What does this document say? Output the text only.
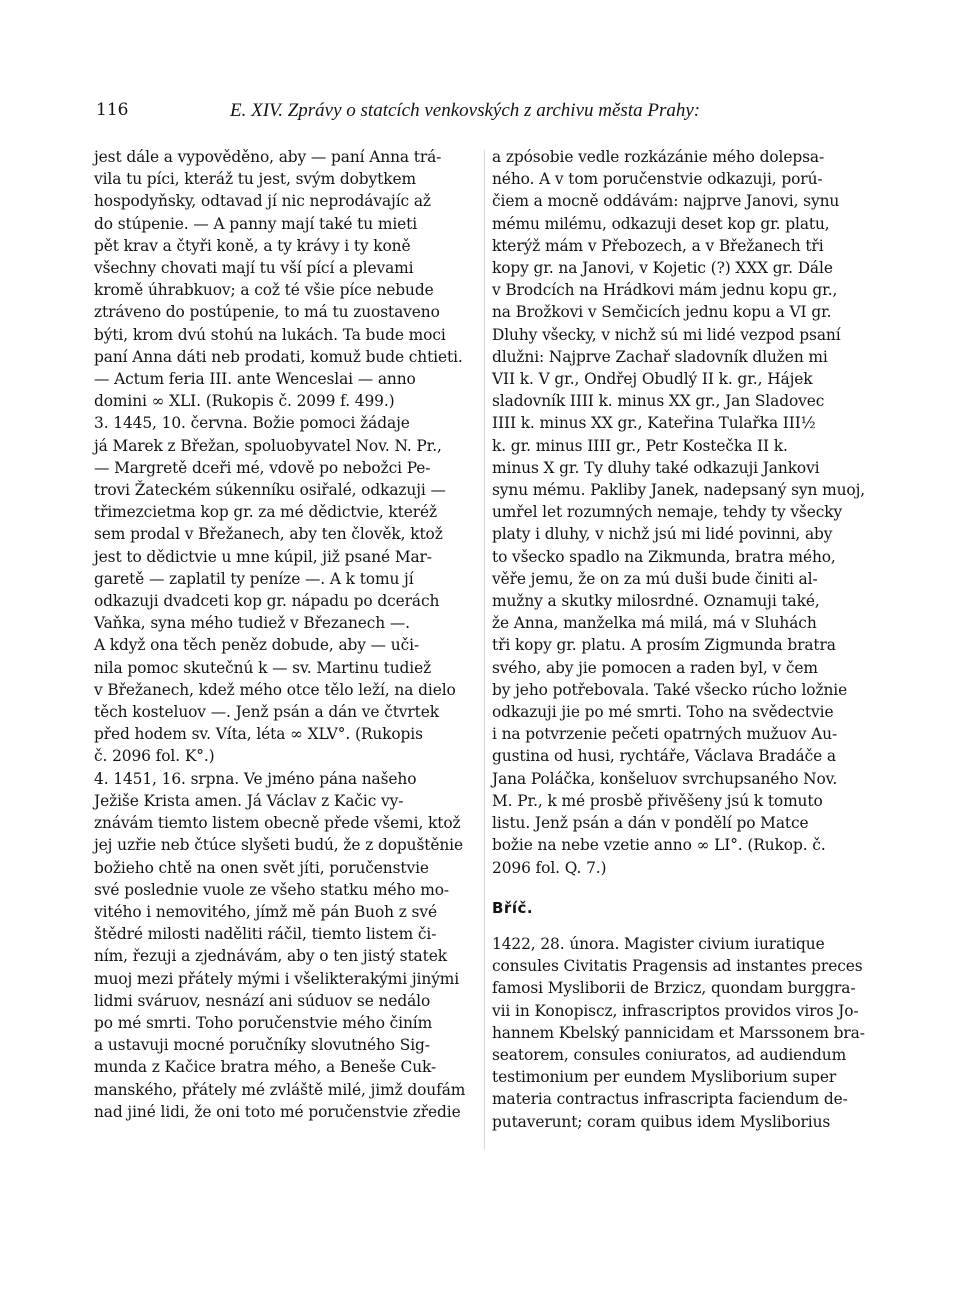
116	E. XIV. Zprávy o statcích venkovských z archivu města Prahy:
jest dále a vypověděno, aby — paní Anna trá-
vila tu píci, kteráž tu jest, svým dobytkem
hospodyňsky, odtavad jí nic neprodávajíc až
do stúpenie. — A panny mají také tu mieti
pět krav a čtyři koně, a ty krávy i ty koně
všechny chovati mají tu vší pící a plevami
kromě úhrabkuov; a což té všie píce nebude
ztráveno do postúpenie, to má tu zuostaveno
býti, krom dvú stohú na lukách. Ta bude moci
paní Anna dáti neb prodati, komuž bude chtieti.
— Actum feria III. ante Wenceslai — anno
domini ∞ XLI. (Rukopis č. 2099 f. 499.)
3. 1445, 10. června. Božie pomoci žádaje
já Marek z Břežan, spoluobyvatel Nov. N. Pr.,
— Margretě dceři mé, vdově po nebožci Pe-
trovi Žateckém súkenníku osiřalé, odkazuji —
třimezcietma kop gr. za mé dědictvie, kteréž
sem prodal v Břežanech, aby ten člověk, ktož
jest to dědictvie u mne kúpil, již psané Mar-
garetě — zaplatil ty peníze —. A k tomu jí
odkazuji dvadceti kop gr. nápadu po dcerách
Vaňka, syna mého tudiež v Březanech —.
A když ona těch peněz dobude, aby — uči-
nila pomoc skutečnú k — sv. Martinu tudiež
v Břežanech, kdež mého otce tělo leží, na dielo
těch kosteluov —. Jenž psán a dán ve čtvrtek
před hodem sv. Víta, léta ∞ XLV°. (Rukopis
č. 2096 fol. K°.)
4. 1451, 16. srpna. Ve jméno pána našeho
Ježiše Krista amen. Já Václav z Kačic vy-
znávám tiemto listem obecně přede všemi, ktož
jej uzřie neb čtúce slyšeti budú, že z dopuštěnie
božieho chtě na onen svět jíti, poručenstvie
své poslednie vuole ze všeho statku mého mo-
vitého i nemovitého, jímž mě pán Buoh z své
štědré milosti naděliti ráčil, tiemto listem či-
ním, řezuji a zjednávám, aby o ten jistý statek
muoj mezi přátely mými i všelikterakými jinými
lidmi sváruov, nesnází ani súduov se nedálo
po mé smrti. Toho poručenstvie mého činím
a ustavuji mocné poručníky slovutného Sig-
munda z Kačice bratra mého, a Beneše Cuk-
manského, přátely mé zvláště milé, jimž doufám
nad jiné lidi, že oni toto mé poručenstvie zředie
a zpósobie vedle rozkázánie mého dolepsa-
ného. A v tom poručenstvie odkazuji, porú-
čiem a mocně oddávám: najprve Janovi, synu
mému milému, odkazuji deset kop gr. platu,
kterýž mám v Přebozech, a v Břežanech tři
kopy gr. na Janovi, v Kojetic (?) XXX gr. Dále
v Brodcích na Hrádkovi mám jednu kopu gr.,
na Brožkovi v Semčicích jednu kopu a VI gr.
Dluhy všecky, v nichž sú mi lidé vezpod psaní
dlužni: Najprve Zachař sladovník dlužen mi
VII k. V gr., Ondřej Obudlý II k. gr., Hájek
sladovník IIII k. minus XX gr., Jan Sladovec
IIII k. minus XX gr., Kateřina Tulařka III½
k. gr. minus IIII gr., Petr Kostečka II k.
minus X gr. Ty dluhy také odkazuji Jankovi
synu mému. Pakliby Janek, nadepsaný syn muoj,
umřel let rozumných nemaje, tehdy ty všecky
platy i dluhy, v nichž jsú mi lidé povinni, aby
to všecko spadlo na Zikmunda, bratra mého,
věře jemu, že on za mú duši bude činiti al-
mužny a skutky milosrdné. Oznamuji také,
že Anna, manželka má milá, má v Sluhách
tři kopy gr. platu. A prosím Zigmunda bratra
svého, aby jie pomocen a raden byl, v čem
by jeho potřebovala. Také všecko rúcho ložnie
odkazuji jie po mé smrti. Toho na svědectvie
i na potvrzenie pečeti opatrných mužuov Au-
gustina od husi, rychtáře, Václava Bradáče a
Jana Poláčka, konšeluov svrchupsaného Nov.
M. Pr., k mé prosbě přivěšeny jsú k tomuto
listu. Jenž psán a dán v pondělí po Matce
božie na nebe vzetie anno ∞ LI°. (Rukop. č.
2096 fol. Q. 7.)
Bříč.
1422, 28. února. Magister civium iuratique
consules Civitatis Pragensis ad instantes preces
famosi Mysliborii de Brzicz, quondam burggra-
vii in Konopiscz, infrascriptos providos viros Jo-
hannem Kbelský pannicidam et Marssonem bra-
seatorem, consules coniuratos, ad audiendum
testimonium per eundem Mysliborium super
materia contractus infrascripta faciendum de-
putaverunt; coram quibus idem Mysliborius
